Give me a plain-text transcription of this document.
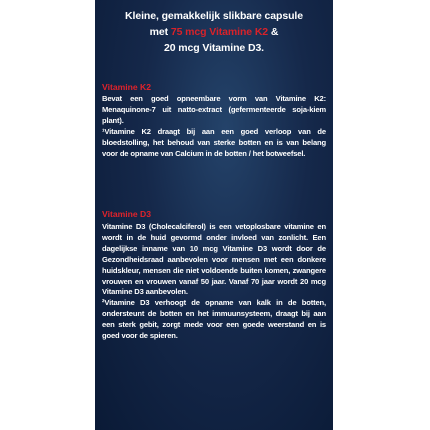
Kleine, gemakkelijk slikbare capsule
met 75 mcg Vitamine K2 &
20 mcg Vitamine D3.
Vitamine K2

Bevat een goed opneembare vorm van Vitamine K2: Menaquinone-7 uit natto-extract (gefermenteerde soja-kiem plant).

¹Vitamine K2 draagt bij aan een goed verloop van de bloedstolling, het behoud van sterke botten en is van belang voor de opname van Calcium in de botten / het botweefsel.

Vitamine D3

Vitamine D3 (Cholecalciferol) is een vetoplosbare vitamine en wordt in de huid gevormd onder invloed van zonlicht. Een dagelijkse inname van 10 mcg Vitamine D3 wordt door de Gezondheidsraad aanbevolen voor mensen met een donkere huidskleur, mensen die niet voldoende buiten komen, zwangere vrouwen en vrouwen vanaf 50 jaar. Vanaf 70 jaar wordt 20 mcg Vitamine D3 aanbevolen.

²Vitamine D3 verhoogt de opname van kalk in de botten, ondersteunt de botten en het immuunsysteem, draagt bij aan een sterk gebit, zorgt mede voor een goede weerstand en is goed voor de spieren.
